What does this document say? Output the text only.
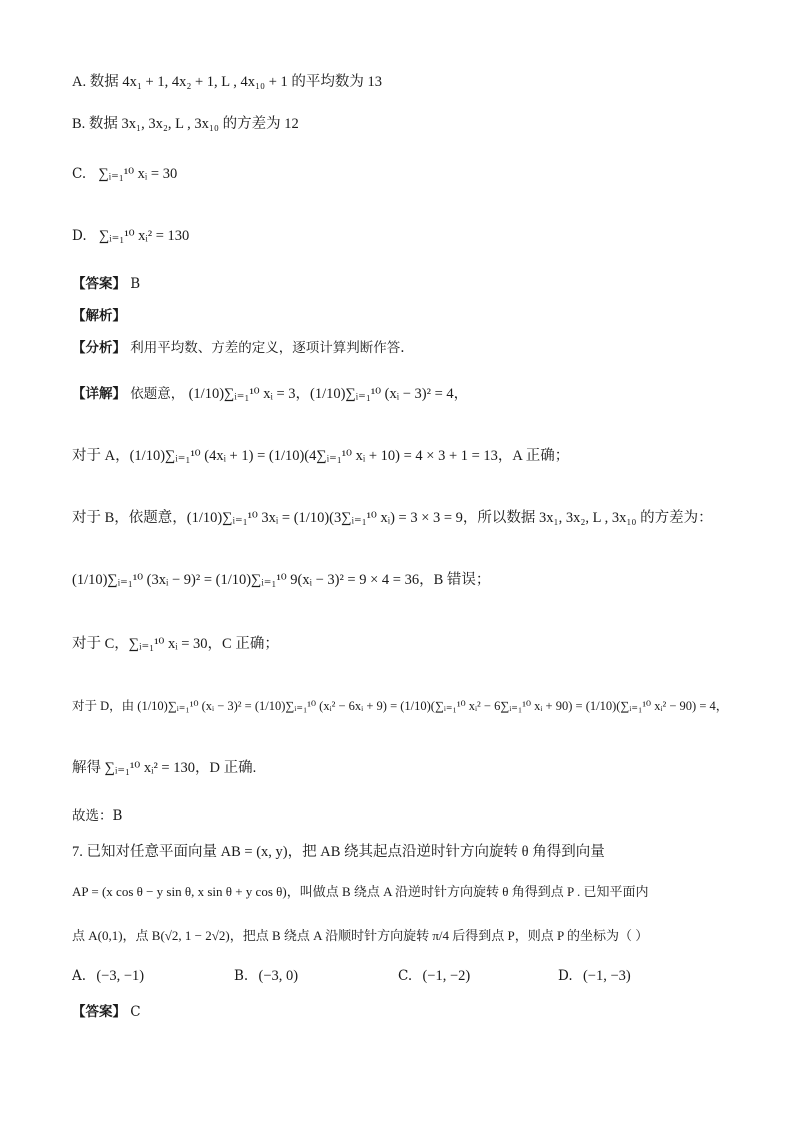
A. 数据 4x₁ + 1, 4x₂ + 1, L , 4x₁₀ + 1 的平均数为 13
B. 数据 3x₁, 3x₂, L , 3x₁₀ 的方差为 12
C. ∑ᵢ₌₁¹⁰ xᵢ = 30
D. ∑ᵢ₌₁¹⁰ xᵢ² = 130
【答案】 B
【解析】
【分析】 利用平均数、方差的定义，逐项计算判断作答.
【详解】 依题意， (1/10)∑ᵢ₌₁¹⁰ xᵢ = 3，(1/10)∑ᵢ₌₁¹⁰ (xᵢ − 3)² = 4，
对于 A，(1/10)∑ᵢ₌₁¹⁰ (4xᵢ + 1) = (1/10)(4∑ᵢ₌₁¹⁰ xᵢ + 10) = 4 × 3 + 1 = 13，A 正确；
对于 B，依题意，(1/10)∑ᵢ₌₁¹⁰ 3xᵢ = (1/10)(3∑ᵢ₌₁¹⁰ xᵢ) = 3 × 3 = 9，所以数据 3x₁, 3x₂, L , 3x₁₀ 的方差为：
(1/10)∑ᵢ₌₁¹⁰ (3xᵢ − 9)² = (1/10)∑ᵢ₌₁¹⁰ 9(xᵢ − 3)² = 9 × 4 = 36，B 错误；
对于 C，∑ᵢ₌₁¹⁰ xᵢ = 30，C 正确；
对于 D，由 (1/10)∑ᵢ₌₁¹⁰ (xᵢ − 3)² = (1/10)∑ᵢ₌₁¹⁰ (xᵢ² − 6xᵢ + 9) = (1/10)(∑ᵢ₌₁¹⁰ xᵢ² − 6∑ᵢ₌₁¹⁰ xᵢ + 90) = (1/10)(∑ᵢ₌₁¹⁰ xᵢ² − 90) = 4，
解得 ∑ᵢ₌₁¹⁰ xᵢ² = 130，D 正确.
故选：B
7. 已知对任意平面向量 AB = (x, y)，把 AB 绕其起点沿逆时针方向旋转 θ 角得到向量
AP = (x cos θ − y sin θ, x sin θ + y cos θ)，叫做点 B 绕点 A 沿逆时针方向旋转 θ 角得到点 P . 已知平面内
点 A(0,1)，点 B(√2, 1 − 2√2)，把点 B 绕点 A 沿顺时针方向旋转 π/4 后得到点 P，则点 P 的坐标为（ ）
A. (−3, −1)	B. (−3, 0)	C. (−1, −2)	D. (−1, −3)
【答案】 C
